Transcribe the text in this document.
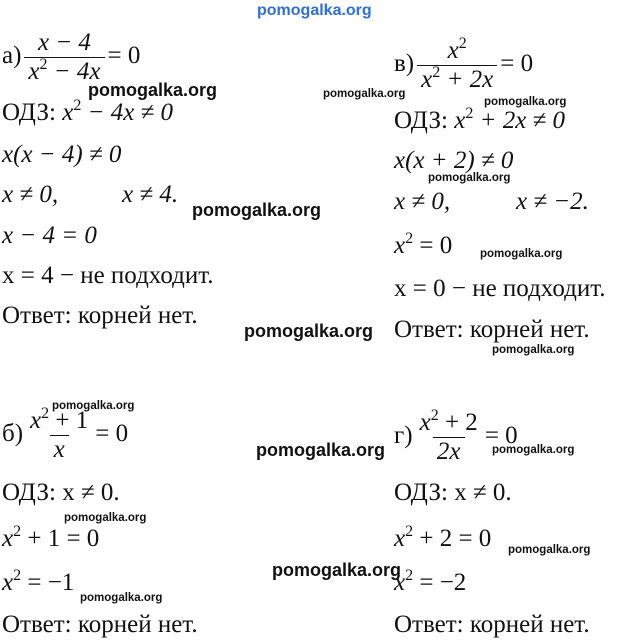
pomogalka.org
$а) \frac{x - 4}{x^2 - 4x} = 0$
ОДЗ: $x^2 - 4x \ne 0$
x(x − 4) ≠ 0
x ≠ 0,	x ≠ 4.
x − 4 = 0
x = 4 − не подходит.
Ответ: корней нет.
$в) \frac{x^2}{x^2 + 2x} = 0$
ОДЗ: $x^2 + 2x \ne 0$
x(x + 2) ≠ 0
x ≠ 0,	x ≠ −2.
$x^2 = 0$
x = 0 − не подходит.
Ответ: корней нет.
$б) \frac{x^2 + 1}{x} = 0$
ОДЗ: x ≠ 0.
$x^2 + 1 = 0$
$x^2 = -1$
Ответ: корней нет.
$г) \frac{x^2 + 2}{2x} = 0$
ОДЗ: x ≠ 0.
$x^2 + 2 = 0$
$x^2 = -2$
Ответ: корней нет.
pomogalka.org	pomogalka.org
pomogalka.org
pomogalka.org
pomogalka.org
pomogalka.org
pomogalka.org
pomogalka.org
pomogalka.org
pomogalka.org	pomogalka.org
pomogalka.org
pomogalka.org
pomogalka.org
pomogalka.org
